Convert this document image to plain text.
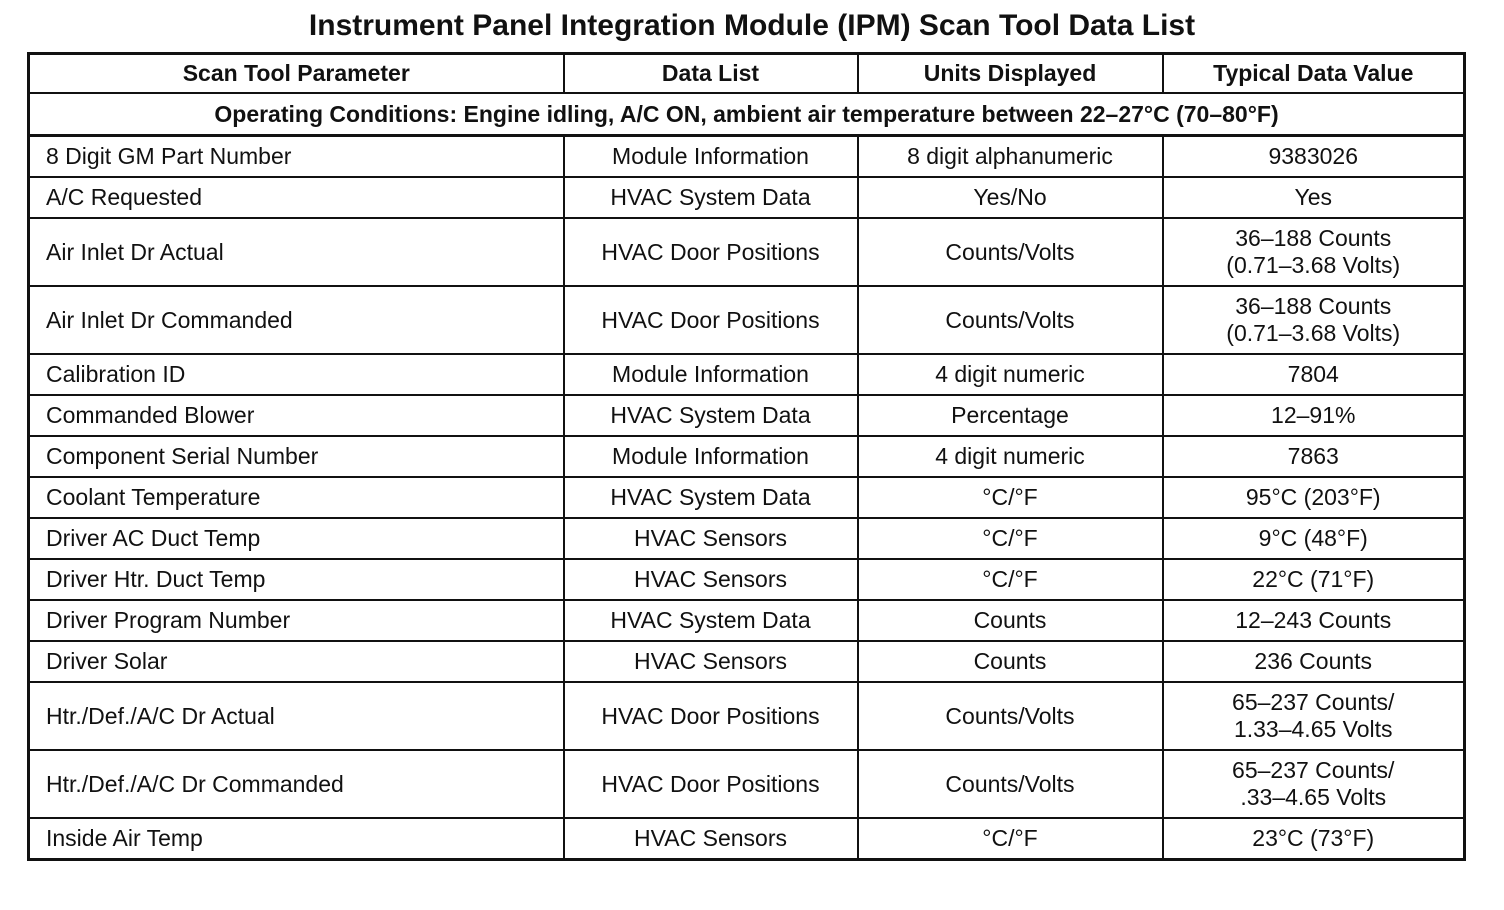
Instrument Panel Integration Module (IPM) Scan Tool Data List
Scan Tool Parameter	Data List	Units Displayed	Typical Data Value
Operating Conditions: Engine idling, A/C ON, ambient air temperature between 22–27°C (70–80°F)			
8 Digit GM Part Number	Module Information	8 digit alphanumeric	9383026

A/C Requested	HVAC System Data	Yes/No	Yes

Air Inlet Dr Actual	HVAC Door Positions	Counts/Volts	36–188 Counts
(0.71–3.68 Volts)

Air Inlet Dr Commanded	HVAC Door Positions	Counts/Volts	36–188 Counts
(0.71–3.68 Volts)

Calibration ID	Module Information	4 digit numeric	7804

Commanded Blower	HVAC System Data	Percentage	12–91%

Component Serial Number	Module Information	4 digit numeric	7863

Coolant Temperature	HVAC System Data	°C/°F	95°C (203°F)

Driver AC Duct Temp	HVAC Sensors	°C/°F	9°C (48°F)

Driver Htr. Duct Temp	HVAC Sensors	°C/°F	22°C (71°F)

Driver Program Number	HVAC System Data	Counts	12–243 Counts

Driver Solar	HVAC Sensors	Counts	236 Counts

Htr./Def./A/C Dr Actual	HVAC Door Positions	Counts/Volts	65–237 Counts/
1.33–4.65 Volts

Htr./Def./A/C Dr Commanded	HVAC Door Positions	Counts/Volts	65–237 Counts/
.33–4.65 Volts

Inside Air Temp	HVAC Sensors	°C/°F	23°C (73°F)
